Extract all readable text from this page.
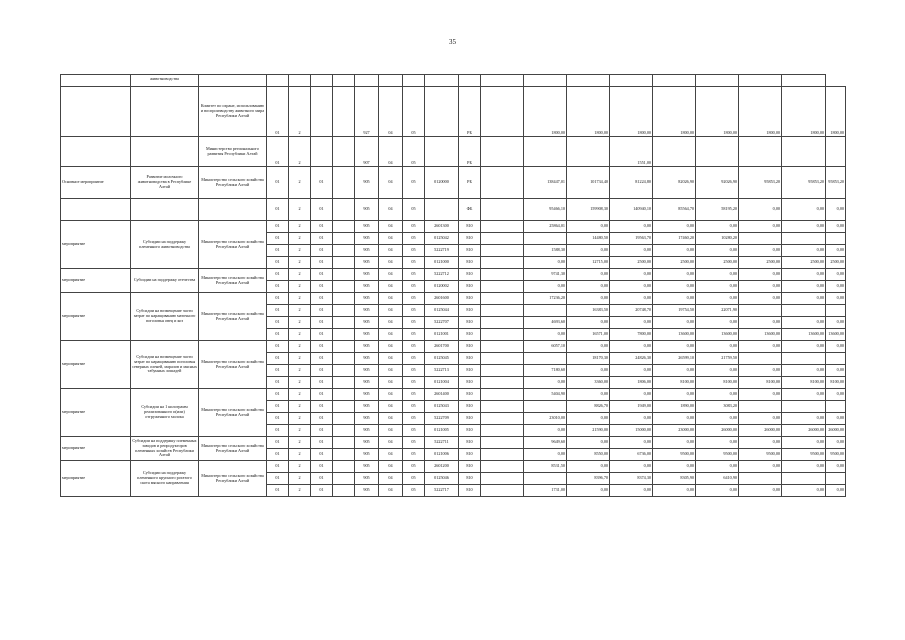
35

	животноводства																			

		Комитет по охране, использованию и воспроизводству животного мира Республики Алтай	01	2			927	04	05		РБ		1800,00	1800,00	1800,00	1800,00	1800,00	1800,00	1800,00	1800,00
		Министерство регионального развития Республики Алтай	01	2			907	04	05		РБ				1551,00					
Основное мероприятие	Развитие молочного животноводства в Республике Алтай	Министерство сельского хозяйства Республики Алтай	01	2	01		905	04	05	0120000	РБ		138447,01	101734,40	81224,80	82026,90	92026,90	95853,20	95853,20	95853,20
			01	2	01		905	04	05		ФБ		95466,10	159908,30	140940,10	85564,70	58195,20	0,00	0,00	0,00
мероприятие	Субсидии на поддержку племенного животноводства	Министерство сельского хозяйства Республики Алтай	01	2	01		905	04	05	2601300	810		25864,01	0,00	0,00	0,00	0,00	0,00	0,00	0,00
			01	2	01		905	04	05	0125042	810			14480,50	19563,70	17460,20	10280,20			
			01	2	01		905	04	05	5222719	810		1588,30	0,00	0,00	0,00	0,00	0,00	0,00	0,00
			01	2	01		905	04	05	0121000	810		0,00	12715,00	2500,00	2500,00	2500,00	2500,00	2500,00	2500,00
мероприятие	Субсидии на поддержку отечества	Министерство сельского хозяйства Республики Алтай	01	2	01		905	04	05	5222712	810		9741,30	0,00	0,00	0,00	0,00	0,00	0,00	0,00
			01	2	01		905	04	05	0120002	810		0,00	0,00	0,00	0,00	0,00	0,00	0,00	0,00
мероприятие	Субсидии на возмещение части затрат по наращиванию маточного поголовья овец и коз	Министерство сельского хозяйства Республики Алтай	01	2	01		905	04	05	2601600	810		17236,20	0,00	0,00	0,00	0,00	0,00	0,00	0,00
			01	2	01		905	04	05	0125044	810			16383,50	20748,70	19754,50	22071,90			
			01	2	01		905	04	05	5222707	810		4693,60	0,00	0,00	0,00	0,00	0,00	0,00	0,00
			01	2	01		905	04	05	0121001	810		0,00	16571,00	7800,00	13600,00	13600,00	13600,00	13600,00	13600,00
мероприятие	Субсидии на возмещение части затрат по наращиванию поголовья северных оленей, маралов и мясных табунных лошадей	Министерство сельского хозяйства Республики Алтай	01	2	01		905	04	05	2601700	810		6057,10	0,00	0,00	0,00	0,00	0,00	0,00	0,00
			01	2	01		905	04	05	0125045	810			18170,30	24826,30	26599,10	21759,50			
			01	2	01		905	04	05	5222713	810		7180,60	0,00	0,00	0,00	0,00	0,00	0,00	0,00
			01	2	01		905	04	05	0121004	810		0,00	3360,00	1806,00	8100,00	8100,00	8100,00	8100,00	8100,00
мероприятие	Субсидии на 1 килограмм реализованного и(или) отгруженного молока	Министерство сельского хозяйства Республики Алтай	01	2	01		905	04	05	2601400	810		5404,90	0,00	0,00	0,00	0,00	0,00	0,00	0,00
			01	2	01		905	04	05	0125043	810			8826,70	1949,00	1890,00	3083,20			
			01	2	01		905	04	05	5222709	810		23010,00	0,00	0,00	0,00	0,00	0,00	0,00	0,00
			01	2	01		905	04	05	0121005	810		0,00	21590,00	15000,00	23000,00	26000,00	26000,00	26000,00	26000,00
мероприятие	Субсидии на поддержку племенных заводов и репродукторов племенных хозяйств Республики Алтай	Министерство сельского хозяйства Республики Алтай	01	2	01		905	04	05	5222711	810		9649,60	0,00	0,00	0,00	0,00	0,00	0,00	0,00
			01	2	01		905	04	05	0121006	810		0,00	8550,00	6736,00	9500,00	9500,00	9500,00	9500,00	9500,00
мероприятие	Субсидии на поддержку племенного крупного рогатого скота мясного направления	Министерство сельского хозяйства Республики Алтай	01	2	01		905	04	05	2601200	810		8531,50	0,00	0,00	0,00	0,00	0,00	0,00	0,00
			01	2	01		905	04	05	0125046	810			8396,70	8374,30	8305,90	6410,90			
			01	2	01		905	04	05	5222717	810		1731,00	0,00	0,00	0,00	0,00	0,00	0,00	0,00
